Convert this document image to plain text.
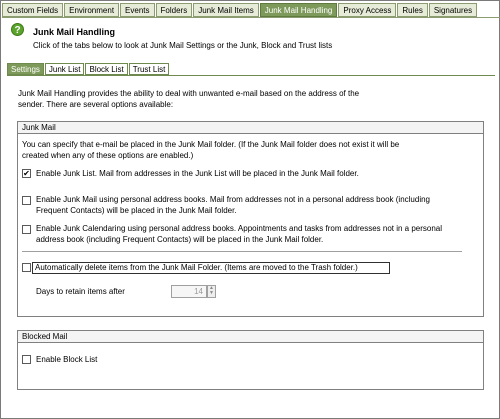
Custom Fields	Environment	Events	Folders	Junk Mail Items	Junk Mail Handling	Proxy Access	Rules	Signatures
?	Junk Mail Handling
Click of the tabs below to look at Junk Mail Settings or the Junk, Block and Trust lists
Settings	Junk List	Block List	Trust List
Junk Mail Handling provides the ability to deal with unwanted e-mail based on the address of the
sender. There are several options available:
Junk Mail
You can specify that e-mail be placed in the Junk Mail folder. (If the Junk Mail folder does not exist it will be
created when any of these options are enabled.)
✔ Enable Junk List. Mail from addresses in the Junk List will be placed in the Junk Mail folder.
Enable Junk Mail using personal address books. Mail from addresses not in a personal address book (including
Frequent Contacts) will be placed in the Junk Mail folder.
Enable Junk Calendaring using personal address books. Appointments and tasks from addresses not in a personal
address book (including Frequent Contacts) will be placed in the Junk Mail folder.
Automatically delete items from the Junk Mail Folder. (Items are moved to the Trash folder.)
Days to retain items after	14	▲
▼
Blocked Mail
Enable Block List
